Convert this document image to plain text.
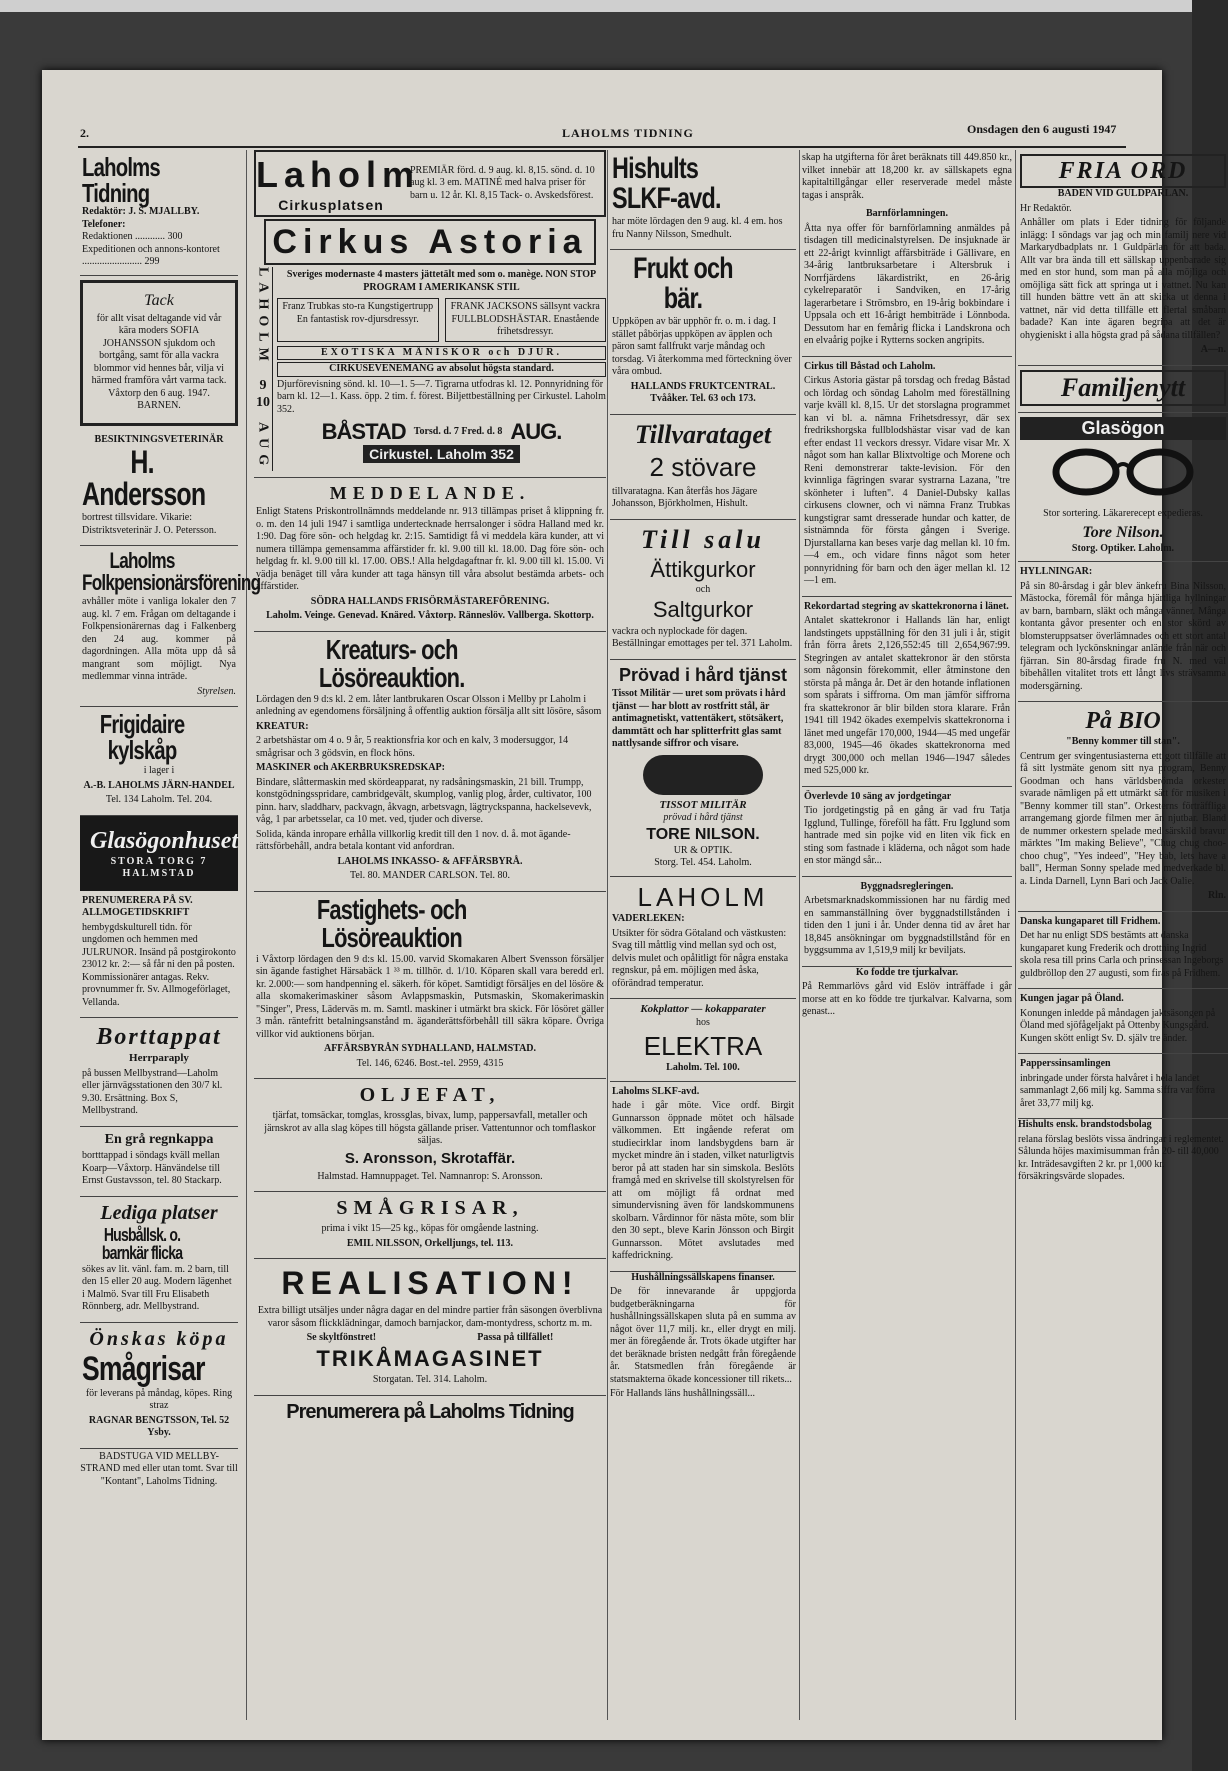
2.	LAHOLMS TIDNING	Onsdagen den 6 augusti 1947
Laholms Tidning
Redaktör: J. S. MJALLBY.
Telefoner:
Redaktionen ............ 300
Expeditionen och annons-kontoret ........................ 299
Tack

för allt visat deltagande vid vår kära moders SOFIA JOHANSSON sjukdom och bortgång, samt för alla vackra blommor vid hennes bår, vilja vi härmed framföra vårt varma tack. Våxtorp den 6 aug. 1947. BARNEN.

BESIKTNINGSVETERINÄR
H. Andersson

bortrest tillsvidare. Vikarie: Distriktsveterinär J. O. Petersson.

Laholms Folkpensionärsförening

avhåller möte i vanliga lokaler den 7 aug. kl. 7 em. Frågan om deltagande i Folkpensionärernas dag i Falkenberg den 24 aug. kommer på dagordningen. Alla möta upp då så mangrant som möjligt. Nya medlemmar vinna inträde.

Styrelsen.

Frigidaire kylskåp

i lager i

A.-B. LAHOLMS JÄRN-HANDEL

Tel. 134 Laholm. Tel. 204.

Glasögonhuset
STORA TORG 7 HALMSTAD
PRENUMERERA PÅ SV. ALLMOGETIDSKRIFT

hembygdskulturell tidn. för ungdomen och hemmen med JULRUNOR. Insänd på postgirokonto 23012 kr. 2:— så får ni den på posten. Kommissionärer antagas. Rekv. provnummer fr. Sv. Allmogeförlaget, Vellanda.

Borttappat
Herrparaply

på bussen Mellbystrand—Laholm eller järnvägsstationen den 30/7 kl. 9.30. Ersättning. Box S, Mellbystrand.

En grå regnkappa

bortttappad i söndags kväll mellan Koarp—Våxtorp. Hänvändelse till Ernst Gustavsson, tel. 80 Stackarp.

Lediga platser
Husbållsk. o. barnkär flicka

sökes av lit. vänl. fam. m. 2 barn, till den 15 eller 20 aug. Modern lägenhet i Malmö. Svar till Fru Elisabeth Rönnberg, adr. Mellbystrand.

Önskas köpa
Smågrisar

för leverans på måndag, köpes. Ring straz

RAGNAR BENGTSSON, Tel. 52 Ysby.

BADSTUGA VID MELLBY-STRAND med eller utan tomt. Svar till "Kontant", Laholms Tidning.

Laholm
Cirkusplatsen

PREMIÄR förd. d. 9 aug. kl. 8,15. sönd. d. 10 aug kl. 3 em. MATINÉ med halva priser för barn u. 12 år. Kl. 8,15 Tack- o. Avskedsförest.

Cirkus Astoria
LAHOLM
9 10
AUG

Sveriges modernaste 4 masters jättetält med som o. manège. NON STOP PROGRAM I AMERIKANSK STIL

Franz Trubkas sto-ra Kungstigertrupp En fantastisk rov-djursdressyr.

FRANK JACKSONS sällsynt vackra FULLBLODSHÄSTAR. Enastående frihetsdressyr.

EXOTISKA MÄNISKOR och DJUR.

CIRKUSEVENEMANG av absolut högsta standard.

Djurförevisning sönd. kl. 10—1. 5—7. Tigrarna utfodras kl. 12. Ponnyridning för barn kl. 12—1. Kass. öpp. 2 tim. f. förest. Biljettbeställning per Cirkustel. Laholm 352.

BÅSTAD Torsd. d. 7 Fred. d. 8 AUG.
Cirkustel. Laholm 352
MEDDELANDE.

Enligt Statens Priskontrollnämnds meddelande nr. 913 tillämpas priset å klippning fr. o. m. den 14 juli 1947 i samtliga undertecknade herrsalonger i södra Halland med kr. 1:90. Dag före sön- och helgdag kr. 2:15. Samtidigt få vi meddela kära kunder, att vi numera tillämpa gemensamma affärstider fr. kl. 9.00 till kl. 18.00. Dag före sön- och helgdag fr. kl. 9.00 till kl. 17.00. OBS.! Alla helgdagaftnar fr. kl. 9.00 till kl. 15.00. Vi vädja benäget till våra kunder att taga hänsyn till våra absolut bestämda arbets- och affärstider.

SÖDRA HALLANDS FRISÖRMÄSTAREFÖRENING.

Laholm. Veinge. Genevad. Knäred. Våxtorp. Ränneslöv. Vallberga. Skottorp.

Kreaturs- och Lösöreauktion.

Lördagen den 9 d:s kl. 2 em. låter lantbrukaren Oscar Olsson i Mellby pr Laholm i anledning av egendomens försäljning å offentlig auktion försälja allt sitt lösöre, såsom

KREATUR:

2 arbetshästar om 4 o. 9 år, 5 reaktionsfria kor och en kalv, 3 modersuggor, 14 smågrisar och 3 gödsvin, en flock höns.

MASKINER och AKERBRUKSREDSKAP:

Bindare, slåttermaskin med skördeapparat, ny radsåningsmaskin, 21 bill. Trumpp, konstgödningsspridare, cambridgevält, skumplog, vanlig plog, årder, cultivator, 100 pinn. harv, sladdharv, packvagn, åkvagn, arbetsvagn, lägtryckspanna, hackelsevevk, våg, 1 par arbetsselar, ca 10 met. ved, tjuder och diverse.

Solida, kända inropare erhålla villkorlig kredit till den 1 nov. d. å. mot äganderättsförbehåll, andra betala kontant vid anfordran.

LAHOLMS INKASSO- & AFFÄRSBYRÅ.

Tel. 80. MANDER CARLSON. Tel. 80.

Fastighets- och Lösöreauktion

i Våxtorp lördagen den 9 d:s kl. 15.00. varvid Skomakaren Albert Svensson försäljer sin ägande fastighet Härsabäck 1 ³³ m. tillhör. d. 1/10. Köparen skall vara beredd erl. kr. 2.000:— som handpenning el. säkerh. för köpet. Samtidigt försäljes en del lösöre & alla skomakerimaskiner såsom Avlappsmaskin, Putsmaskin, Skomakerimaskin "Singer", Press, Läderväs m. m. Samtl. maskiner i utmärkt bra skick. För lösöret gäller 3 mån. räntefritt betalningsanstånd m. äganderättsförbehåll till säkra köpare. Övriga villkor vid auktionens början.

AFFÄRSBYRÅN SYDHALLAND, HALMSTAD.

Tel. 146, 6246. Bost.-tel. 2959, 4315

OLJEFAT,

tjärfat, tomsäckar, tomglas, krossglas, bivax, lump, pappersavfall, metaller och järnskrot av alla slag köpes till högsta gällande priser. Vattentunnor och tomflaskor säljas.

S. Aronsson, Skrotaffär.

Halmstad. Hamnuppaget. Tel. Namnanrop: S. Aronsson.

SMÅGRISAR,

prima i vikt 15—25 kg., köpas för omgående lastning.

EMIL NILSSON, Orkelljungs, tel. 113.

REALISATION!

Extra billigt utsäljes under några dagar en del mindre partier från säsongen överblivna varor såsom flickklädningar, damoch barnjackor, dam-montydress, schortz m. m.

Se skyltfönstret!	Passa på tillfället!
TRIKÅMAGASINET

Storgatan. Tel. 314. Laholm.

Prenumerera på Laholms Tidning
Hishults SLKF-avd.

har möte lördagen den 9 aug. kl. 4 em. hos fru Nanny Nilsson, Smedhult.

Frukt och bär.

Uppköpen av bär upphör fr. o. m. i dag. I stället påbörjas uppköpen av äpplen och päron samt fallfrukt varje måndag och torsdag. Vi återkomma med förteckning över våra ombud.

HALLANDS FRUKTCENTRAL. Tvååker. Tel. 63 och 173.

Tillvarataget
2 stövare

tillvaratagna. Kan återfås hos Jägare Johansson, Björkholmen, Hishult.

Till salu
Ättikgurkor
och
Saltgurkor

vackra och nyplockade för dagen. Beställningar emottages per tel. 371 Laholm.

Prövad i hård tjänst

Tissot Militär — uret som prövats i hård tjänst — har blott av rostfritt stål, är antimagnetiskt, vattentäkert, stötsäkert, dammtätt och har splitterfritt glas samt nattlysande siffror och visare.

TISSOT MILITÄR
prövad i hård tjänst
TORE NILSON.
UR & OPTIK.
Storg. Tel. 454. Laholm.
LAHOLM
VADERLEKEN:

Utsikter för södra Götaland och västkusten: Svag till måttlig vind mellan syd och ost, delvis mulet och opålitligt för några enstaka regnskur, på em. möjligen med åska, oförändrad temperatur.

Kokplattor — kokapparater
hos
ELEKTRA
Laholm. Tel. 100.
Laholms SLKF-avd.

hade i går möte. Vice ordf. Birgit Gunnarsson öppnade mötet och hälsade välkommen. Ett ingående referat om studiecirklar inom landsbygdens barn är mycket mindre än i staden, vilket naturligtvis beror på att staden har sin simskola. Beslöts framgå med en skrivelse till skolstyrelsen för att om möjligt få ordnat med simundervisning även för landskommunens skolbarn. Vårdinnor för nästa möte, som blir den 30 sept., bleve Karin Jönsson och Birgit Gunnarsson. Mötet avslutades med kaffedrickning.

Hushållningssällskapens finanser.

De för innevarande år uppgjorda budgetberäkningarna för hushållningssällskapen sluta på en summa av något över 11,7 milj. kr., eller drygt en milj. mer än föregående år. Trots ökade utgifter har det beräknade bristen nedgått från föregående år. Statsmedlen från föregående är statsmakterna ökade koncessioner till rikets...

För Hallands läns hushållningssäll...

skap ha utgifterna för året beräknats till 449.850 kr., vilket innebär att 18,200 kr. av sällskapets egna kapitaltillgångar eller reserverade medel måste tagas i anspråk.

Barnförlamningen.

Åtta nya offer för barnförlamning anmäldes på tisdagen till medicinalstyrelsen. De insjuknade är ett 22-årigt kvinnligt affärsbiträde i Gällivare, en 34-årig lantbruksarbetare i Altersbruk i Norrfjärdens läkardistrikt, en 26-årig cykelreparatör i Sandviken, en 17-årig lagerarbetare i Strömsbro, en 19-årig bokbindare i Uppsala och ett 16-årigt hembiträde i Lönnboda. Dessutom har en femårig flicka i Landskrona och en elvaårig pojke i Rytterns socken angripits.

Cirkus till Båstad och Laholm.

Cirkus Astoria gästar på torsdag och fredag Båstad och lördag och söndag Laholm med föreställning varje kväll kl. 8,15. Ur det storslagna programmet kan vi bl. a. nämna Frihetsdressyr, där sex fredrikshorgska fullblodshästar visar vad de kan efter endast 11 veckors dressyr. Vidare visar Mr. X något som han kallar Blixtvoltige och Morene och Reni demonstrerar takte-levision. För den kvinnliga fägringen svarar systrarna Lazana, "tre skönheter i luften". 4 Daniel-Dubsky kallas cirkusens clowner, och vi nämna Franz Trubkas kungstigrar samt dresserade hundar och katter, de sistnämnda för första gången i Sverige. Djurstallarna kan beses varje dag mellan kl. 10 fm.—4 em., och vidare finns något som heter ponnyridning för barn och den äger mellan kl. 12 —1 em.

Rekordartad stegring av skattekronorna i länet.

Antalet skattekronor i Hallands län har, enligt landstingets uppställning för den 31 juli i år, stigit från förra årets 2,126,552:45 till 2,654,967:99. Stegringen av antalet skattekronor är den största som någonsin förekommit, eller åtminstone den största på många år. Det är den hotande inflationen som spårats i siffrorna. Om man jämför siffrorna fra skattekronor är blir bilden stora klarare. Från 1941 till 1942 ökades exempelvis skattekronorna i länet med ungefär 170,000, 1944—45 med ungefär 83,000, 1945—46 ökades skattekronorna med drygt 300,000 och mellan 1946—1947 således med 525,000 kr.

Överlevde 10 säng av jordgetingar

Tio jordgetingstig på en gång är vad fru Tatja Igglund, Tullinge, föreföll ha fått. Fru Igglund som hantrade med sin pojke vid en liten vik fick en sting som fastnade i kläderna, och något som hade en stor mängd sår...

Byggnadsregleringen.

Arbetsmarknadskommissionen har nu färdig med en sammanställning över byggnadstillstånden i tiden den 1 juni i år. Under denna tid av året har 18,845 ansökningar om byggnadstillstånd för en byggsumma av 1,519,9 milj kr beviljats.

Ko fodde tre tjurkalvar.

På Remmarlövs gård vid Eslöv inträffade i går morse att en ko födde tre tjurkalvar. Kalvarna, som genast...

FRIA ORD
BADEN VID GULDPARLAN.

Hr Redaktör.

Anhåller om plats i Eder tidning för följande inlägg: I söndags var jag och min familj nere vid Markarydbadplats nr. 1 Guldpärlan för att bada. Allt var bra ända till ett sällskap uppenbarade sig med en stor hund, som man på alla möjliga och omöjliga sätt fick att springa ut i vattnet. Nu kan till hunden bättre vett än att skicka ut denna i vattnet, när vid detta tillfälle ett flertal småbarn badade? Kan inte ägaren begripa att det är ohygieniskt i alla högsta grad på sådana tillfällen?

A—n.

Familjenytt
Glasögon

Stor sortering. Läkarerecept expedieras.

Tore Nilson.
Storg. Optiker. Laholm.
HYLLNINGAR:

På sin 80-årsdag i går blev änkefru Bina Nilsson, Mästocka, föremål för många hjärtliga hyllningar av barn, barnbarn, släkt och många vänner. Många kontanta gåvor presenter och en stor skörd av blomsteruppsatser överlämnades och ett stort antal telegram och lyckönskningar anlände från när och fjärran. Sin 80-årsdag firade fru N. med väl bibehållen vitalitet trots ett långt livs strävsamma modersgärning.

På BIO
"Benny kommer till stan".

Centrum ger svingentusiasterna ett gott tillfälle att få sitt lystmäte genom sitt nya program, Benny Goodman och hans världsberömda orkester svarade nämligen på ett utmärkt sätt för musiken i "Benny kommer till stan". Orkesterns förträffliga arrangemang gjorde filmen mer än njutbar. Bland de nummer orkestern spelade med särskild bravur märktes "Im making Believe", "Chug chug choo-choo chug", "Yes indeed", "Hey bab, lets have a ball", Herman Sonny spelade med medverkade bl. a. Linda Darnell, Lynn Bari och Jack Oalie.

Rln.

Danska kungaparet till Fridhem.

Det har nu enligt SDS bestämts att danska kungaparet kung Frederik och drottning Ingrid skola resa till prins Carla och prinsessan Ingeborgs guldbröllop den 27 augusti, som firas på Fridhem.

Kungen jagar på Öland.

Konungen inledde på måndagen jaktsäsongen på Öland med sjöfågeljakt på Ottenby Kungsgård. Kungen skött enligt Sv. D. själv tre änder.

Papperssinsamlingen

inbringade under första halvåret i hela landet sammanlagt 2,66 milj kg. Samma siffra var förra året 33,77 milj kg.

Hishults ensk. brandstodsbolag

relana förslag beslöts vissa ändringar i reglementet. Sålunda höjes maximisumman från 20- till 40,000 kr. Inträdesavgiften 2 kr. pr 1,000 kr. försäkringsvärde slopades.
